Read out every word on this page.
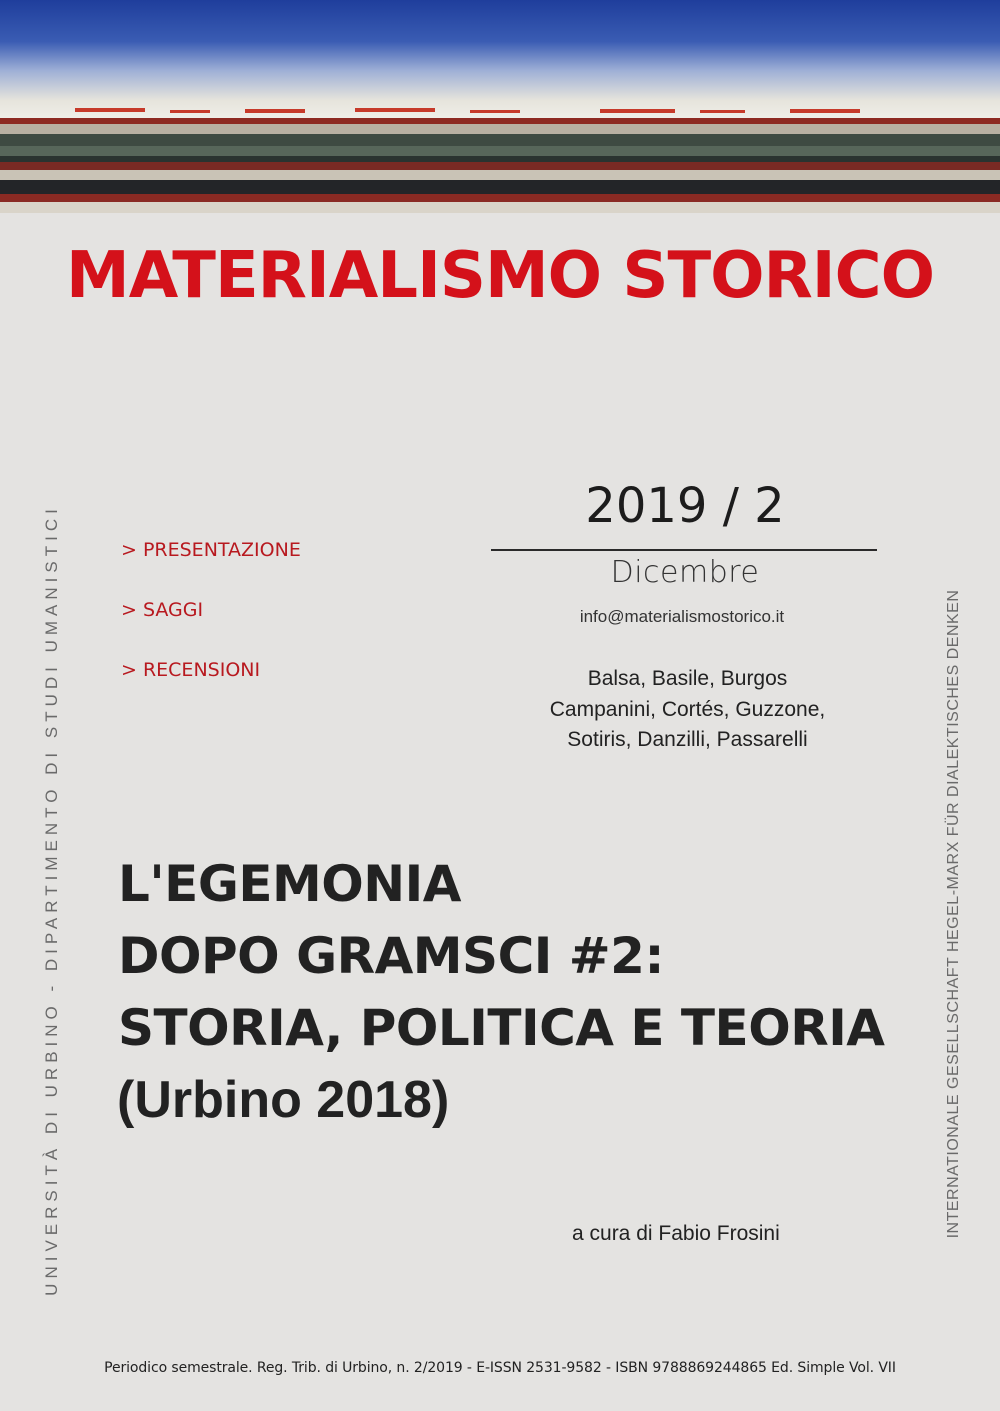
MATERIALISMO STORICO
UNIVERSITÀ DI URBINO - DIPARTIMENTO DI STUDI UMANISTICI	INTERNATIONALE GESELLSCHAFT HEGEL-MARX FÜR DIALEKTISCHES DENKEN
> PRESENTAZIONE
> SAGGI
> RECENSIONI
2019 / 2
Dicembre
info@materialismostorico.it
Balsa, Basile, Burgos
Campanini, Cortés, Guzzone,
Sotiris, Danzilli, Passarelli
L'EGEMONIA
DOPO GRAMSCI #2:
STORIA, POLITICA E TEORIA
(Urbino 2018)
a cura di Fabio Frosini
Periodico semestrale. Reg. Trib. di Urbino, n. 2/2019 - E-ISSN 2531-9582 - ISBN 9788869244865 Ed. Simple Vol. VII
